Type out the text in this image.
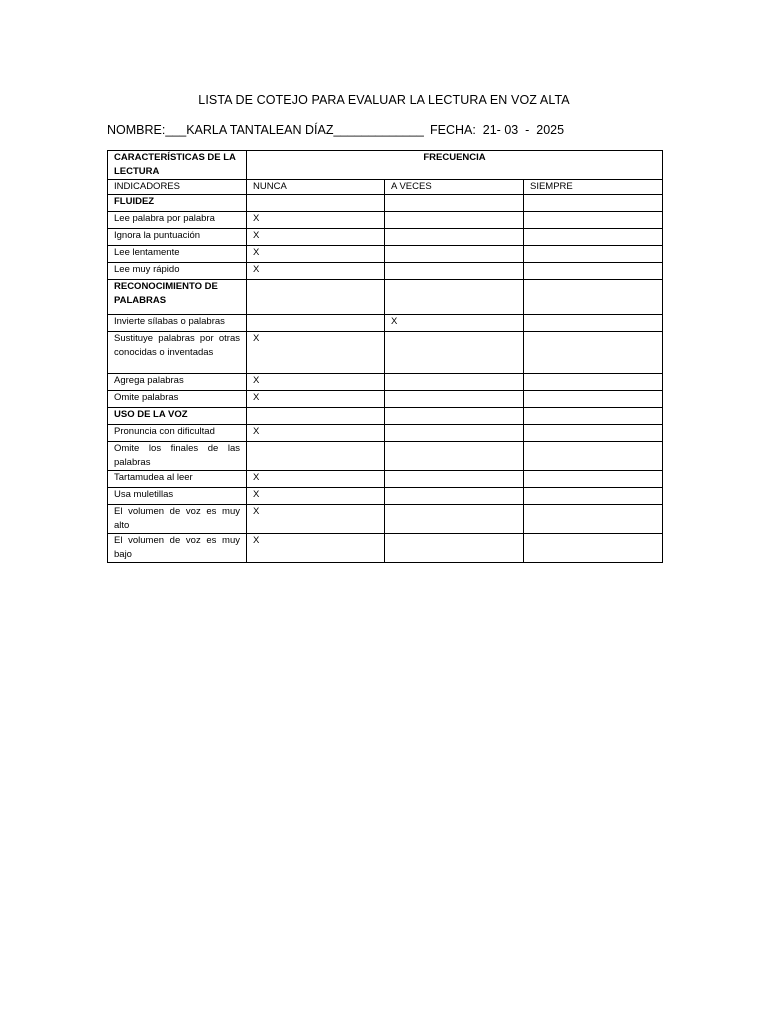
LISTA DE COTEJO PARA EVALUAR LA LECTURA EN VOZ ALTA
NOMBRE:___KARLA TANTALEAN DÍAZ_____________ FECHA:  21- 03  -  2025
CARACTERÍSTICAS DE LA LECTURA	FRECUENCIA		
INDICADORES	NUNCA	A VECES	SIEMPRE
FLUIDEZ			
Lee palabra por palabra	X		
Ignora la puntuación	X		
Lee lentamente	X		
Lee muy rápido	X		
RECONOCIMIENTO DE PALABRAS			
Invierte sílabas o palabras		X	
Sustituye palabras por otras conocidas o inventadas	X		
Agrega palabras	X		
Omite palabras	X		
USO DE LA VOZ			
Pronuncia con dificultad	X		
Omite los finales de las palabras			
Tartamudea al leer	X		
Usa muletillas	X		
El volumen de voz es muy alto	X		
El volumen de voz es muy bajo	X		
